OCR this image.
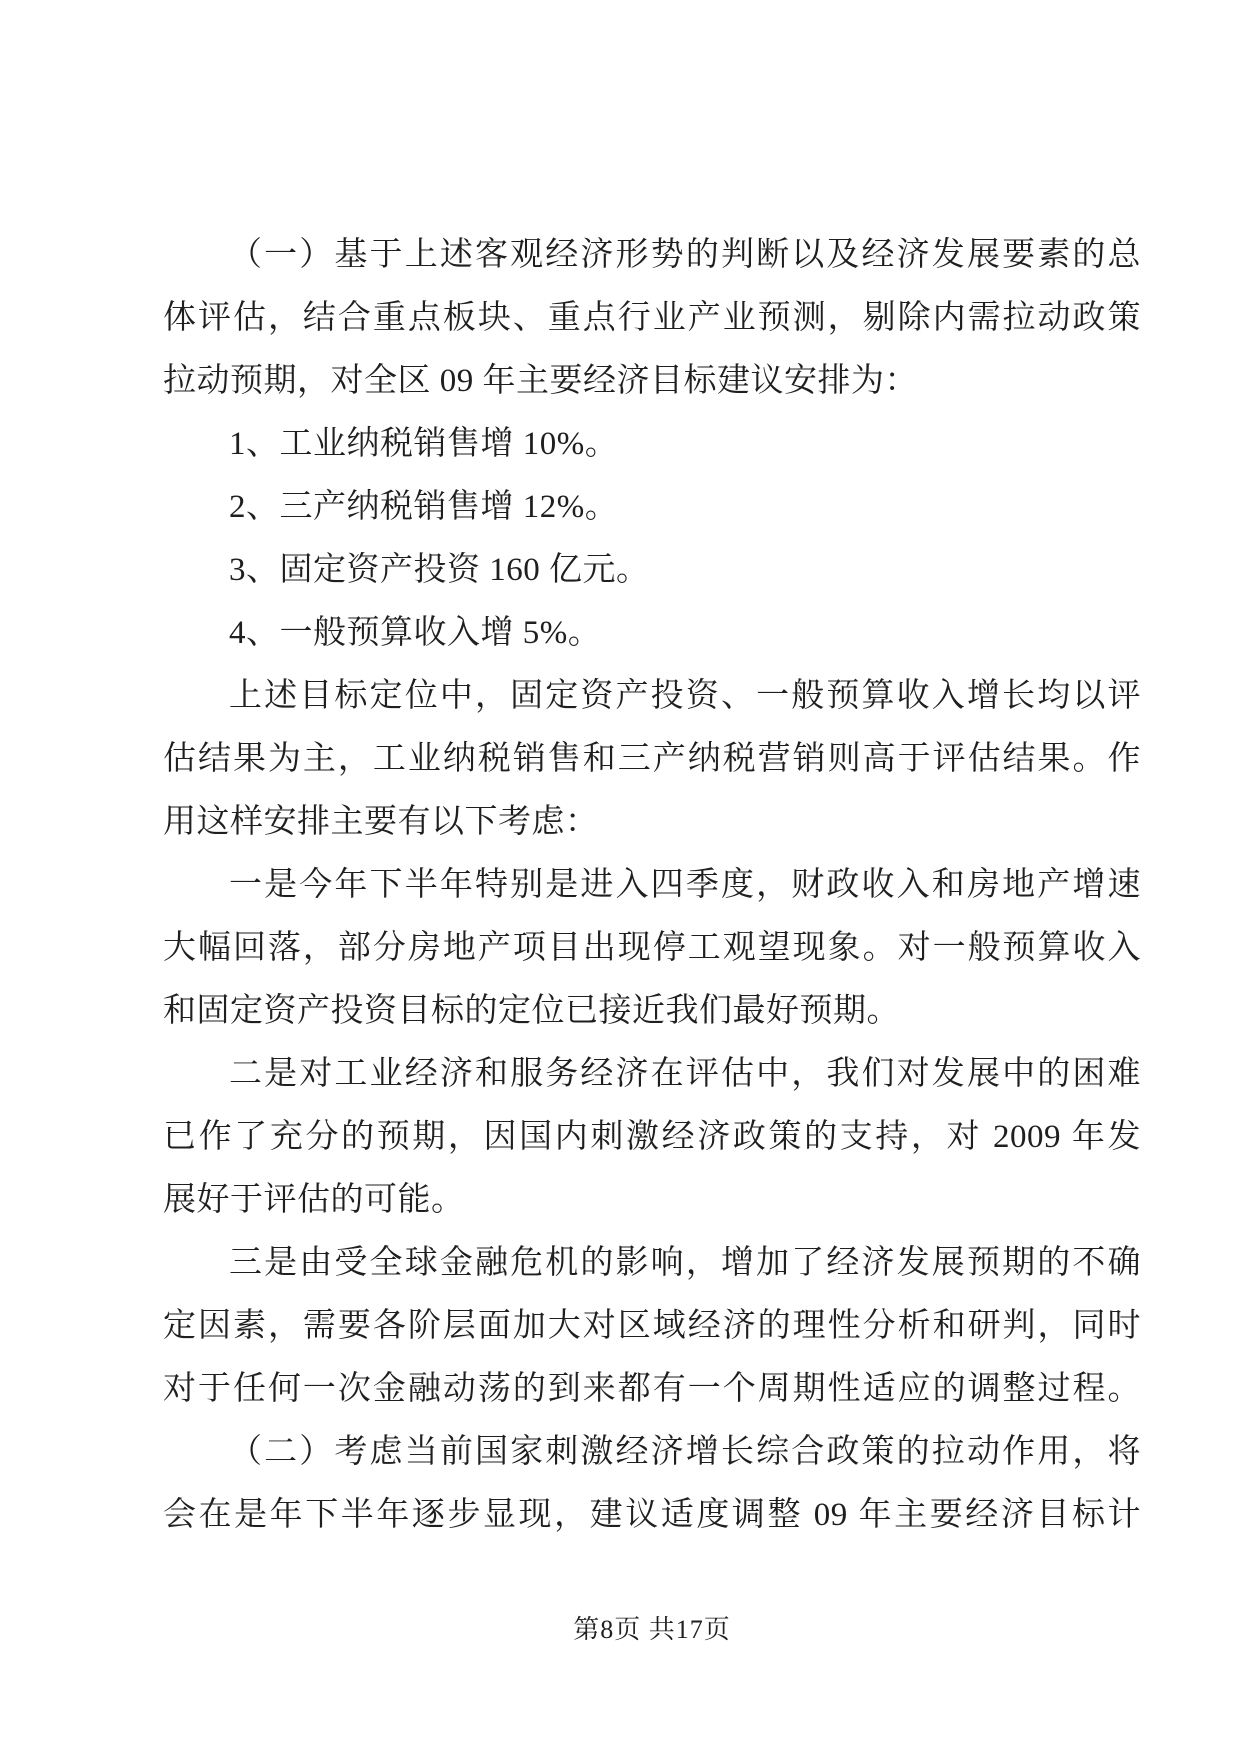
（一）基于上述客观经济形势的判断以及经济发展要素的总
体评估，结合重点板块、重点行业产业预测，剔除内需拉动政策
拉动预期，对全区 09 年主要经济目标建议安排为：
1、工业纳税销售增 10%。
2、三产纳税销售增 12%。
3、固定资产投资 160 亿元。
4、一般预算收入增 5%。
上述目标定位中，固定资产投资、一般预算收入增长均以评
估结果为主，工业纳税销售和三产纳税营销则高于评估结果。作
用这样安排主要有以下考虑：
一是今年下半年特别是进入四季度，财政收入和房地产增速
大幅回落，部分房地产项目出现停工观望现象。对一般预算收入
和固定资产投资目标的定位已接近我们最好预期。
二是对工业经济和服务经济在评估中，我们对发展中的困难
已作了充分的预期，因国内刺激经济政策的支持，对 2009 年发
展好于评估的可能。
三是由受全球金融危机的影响，增加了经济发展预期的不确
定因素，需要各阶层面加大对区域经济的理性分析和研判，同时
对于任何一次金融动荡的到来都有一个周期性适应的调整过程。
（二）考虑当前国家刺激经济增长综合政策的拉动作用，将
会在是年下半年逐步显现，建议适度调整 09 年主要经济目标计
第8页 共17页
